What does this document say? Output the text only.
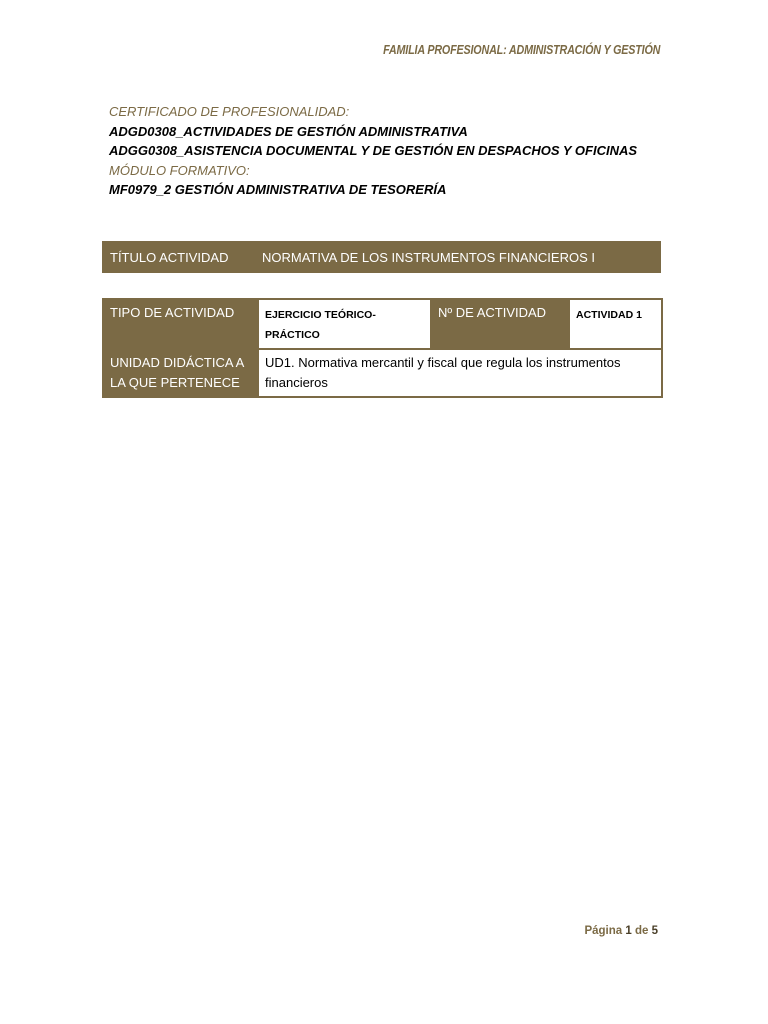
FAMILIA PROFESIONAL: ADMINISTRACIÓN Y GESTIÓN
CERTIFICADO DE PROFESIONALIDAD:
ADGD0308_ACTIVIDADES DE GESTIÓN ADMINISTRATIVA
ADGG0308_ASISTENCIA DOCUMENTAL Y DE GESTIÓN EN DESPACHOS Y OFICINAS
MÓDULO FORMATIVO:
MF0979_2 GESTIÓN ADMINISTRATIVA DE TESORERÍA
TÍTULO ACTIVIDAD	NORMATIVA DE LOS INSTRUMENTOS FINANCIEROS I
TIPO DE ACTIVIDAD	EJERCICIO TEÓRICO-PRÁCTICO	Nº DE ACTIVIDAD	ACTIVIDAD 1
UNIDAD DIDÁCTICA A LA QUE PERTENECE	UD1. Normativa mercantil y fiscal que regula los instrumentos financieros		
Página 1 de 5
